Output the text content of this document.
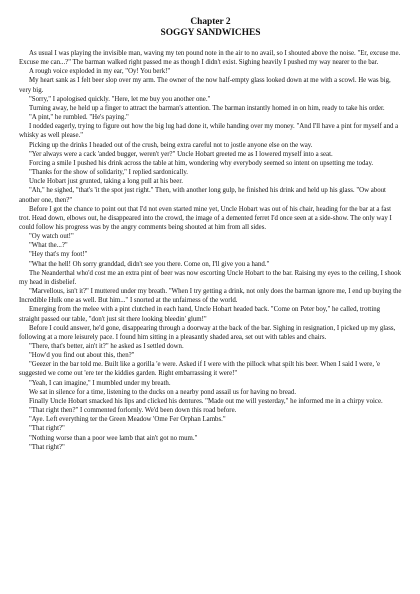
Chapter 2
SOGGY SANDWICHES

As usual I was playing the invisible man, waving my ten pound note in the air to no avail, so I shouted above the noise. "Er, excuse me. Excuse me can...?" The barman walked right passed me as though I didn't exist. Sighing heavily I pushed my way nearer to the bar.

A rough voice exploded in my ear, "Oy! You berk!"

My heart sank as I felt beer slop over my arm. The owner of the now half-empty glass looked down at me with a scowl. He was big, very big.

"Sorry," I apologised quickly. "Here, let me buy you another one."

Turning away, he held up a finger to attract the barman's attention. The barman instantly homed in on him, ready to take his order.

"A pint," he rumbled. "He's paying."

I nodded eagerly, trying to figure out how the big lug had done it, while handing over my money. "And I'll have a pint for myself and a whisky as well please."

Picking up the drinks I headed out of the crush, being extra careful not to jostle anyone else on the way.

"Yer always were a cack 'anded bugger, weren't yer?" Uncle Hobart greeted me as I lowered myself into a seat.

Forcing a smile I pushed his drink across the table at him, wondering why everybody seemed so intent on upsetting me today.

"Thanks for the show of solidarity," I replied sardonically.

Uncle Hobart just grunted, taking a long pull at his beer.

"Ah," he sighed, "that's 'it the spot just right." Then, with another long gulp, he finished his drink and held up his glass. "Ow about another one, then?"

Before I got the chance to point out that I'd not even started mine yet, Uncle Hobart was out of his chair, heading for the bar at a fast trot. Head down, elbows out, he disappeared into the crowd, the image of a demented ferret I'd once seen at a side-show. The only way I could follow his progress was by the angry comments being shouted at him from all sides.

"Oy watch out!"

"What the...?"

"Hey that's my foot!"

"What the hell! Oh sorry granddad, didn't see you there. Come on, I'll give you a hand."

The Neanderthal who'd cost me an extra pint of beer was now escorting Uncle Hobart to the bar. Raising my eyes to the ceiling, I shook my head in disbelief.

"Marvellous, isn't it?" I muttered under my breath. "When I try getting a drink, not only does the barman ignore me, I end up buying the Incredible Hulk one as well. But him..." I snorted at the unfairness of the world.

Emerging from the melee with a pint clutched in each hand, Uncle Hobart headed back. "Come on Peter boy," he called, trotting straight passed our table, "don't just sit there looking bleedin' glum!"

Before I could answer, he'd gone, disappearing through a doorway at the back of the bar. Sighing in resignation, I picked up my glass, following at a more leisurely pace. I found him sitting in a pleasantly shaded area, set out with tables and chairs.

"There, that's better, ain't it?" he asked as I settled down.

"How'd you find out about this, then?"

"Geezer in the bar told me. Built like a gorilla 'e were. Asked if I were with the pillock what spilt his beer. When I said I were, 'e suggested we come out 'ere ter the kiddies garden. Right embarrassing it were!"

"Yeah, I can imagine," I mumbled under my breath.

We sat in silence for a time, listening to the ducks on a nearby pond assail us for having no bread.

Finally Uncle Hobart smacked his lips and clicked his dentures. "Made out me will yesterday," he informed me in a chirpy voice.

"That right then?" I commented forlornly. We'd been down this road before.

"Aye. Left everything ter the Green Meadow 'Ome Fer Orphan Lambs."

"That right?"

"Nothing worse than a poor wee lamb that ain't got no mum."

"That right?"
